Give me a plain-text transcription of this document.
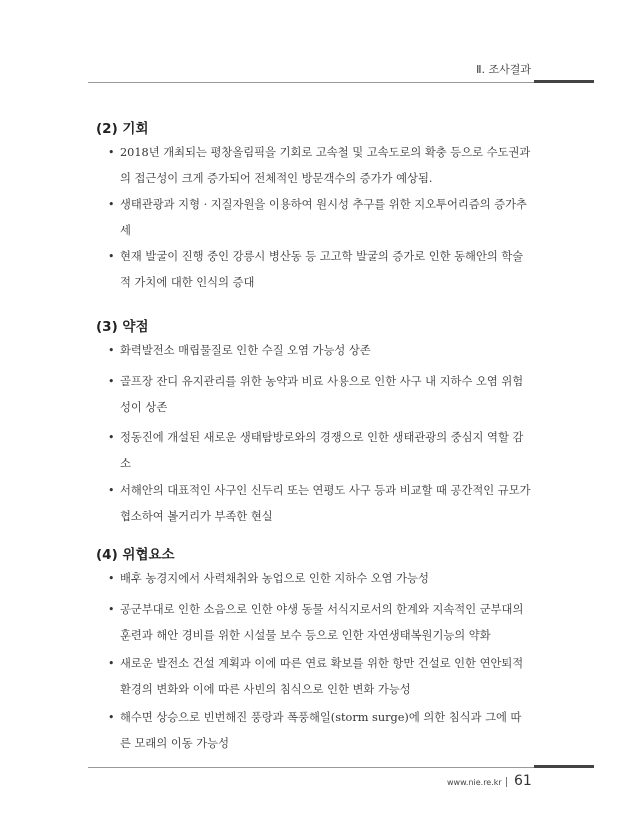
Ⅱ. 조사결과
(2) 기회
• 2018년 개최되는 평창올림픽을 기회로 고속철 및 고속도로의 확충 등으로 수도권과의 접근성이 크게 증가되어 전체적인 방문객수의 증가가 예상됨.
• 생태관광과 지형 · 지질자원을 이용하여 원시성 추구를 위한 지오투어리즘의 증가추세
• 현재 발굴이 진행 중인 강릉시 병산동 등 고고학 발굴의 증가로 인한 동해안의 학술적 가치에 대한 인식의 증대
(3) 약점
• 화력발전소 매립물질로 인한 수질 오염 가능성 상존
• 골프장 잔디 유지관리를 위한 농약과 비료 사용으로 인한 사구 내 지하수 오염 위험성이 상존
• 정동진에 개설된 새로운 생태탐방로와의 경쟁으로 인한 생태관광의 중심지 역할 감소
• 서해안의 대표적인 사구인 신두리 또는 연평도 사구 등과 비교할 때 공간적인 규모가 협소하여 볼거리가 부족한 현실
(4) 위협요소
• 배후 농경지에서 사력채취와 농업으로 인한 지하수 오염 가능성
• 공군부대로 인한 소음으로 인한 야생 동물 서식지로서의 한계와 지속적인 군부대의 훈련과 해안 경비를 위한 시설물 보수 등으로 인한 자연생태복원기능의 약화
• 새로운 발전소 건설 계획과 이에 따른 연료 확보를 위한 항만 건설로 인한 연안퇴적환경의 변화와 이에 따른 사빈의 침식으로 인한 변화 가능성
• 해수면 상승으로 빈번해진 풍랑과 폭풍해일(storm surge)에 의한 침식과 그에 따른 모래의 이동 가능성
www.nie.re.kr 61
